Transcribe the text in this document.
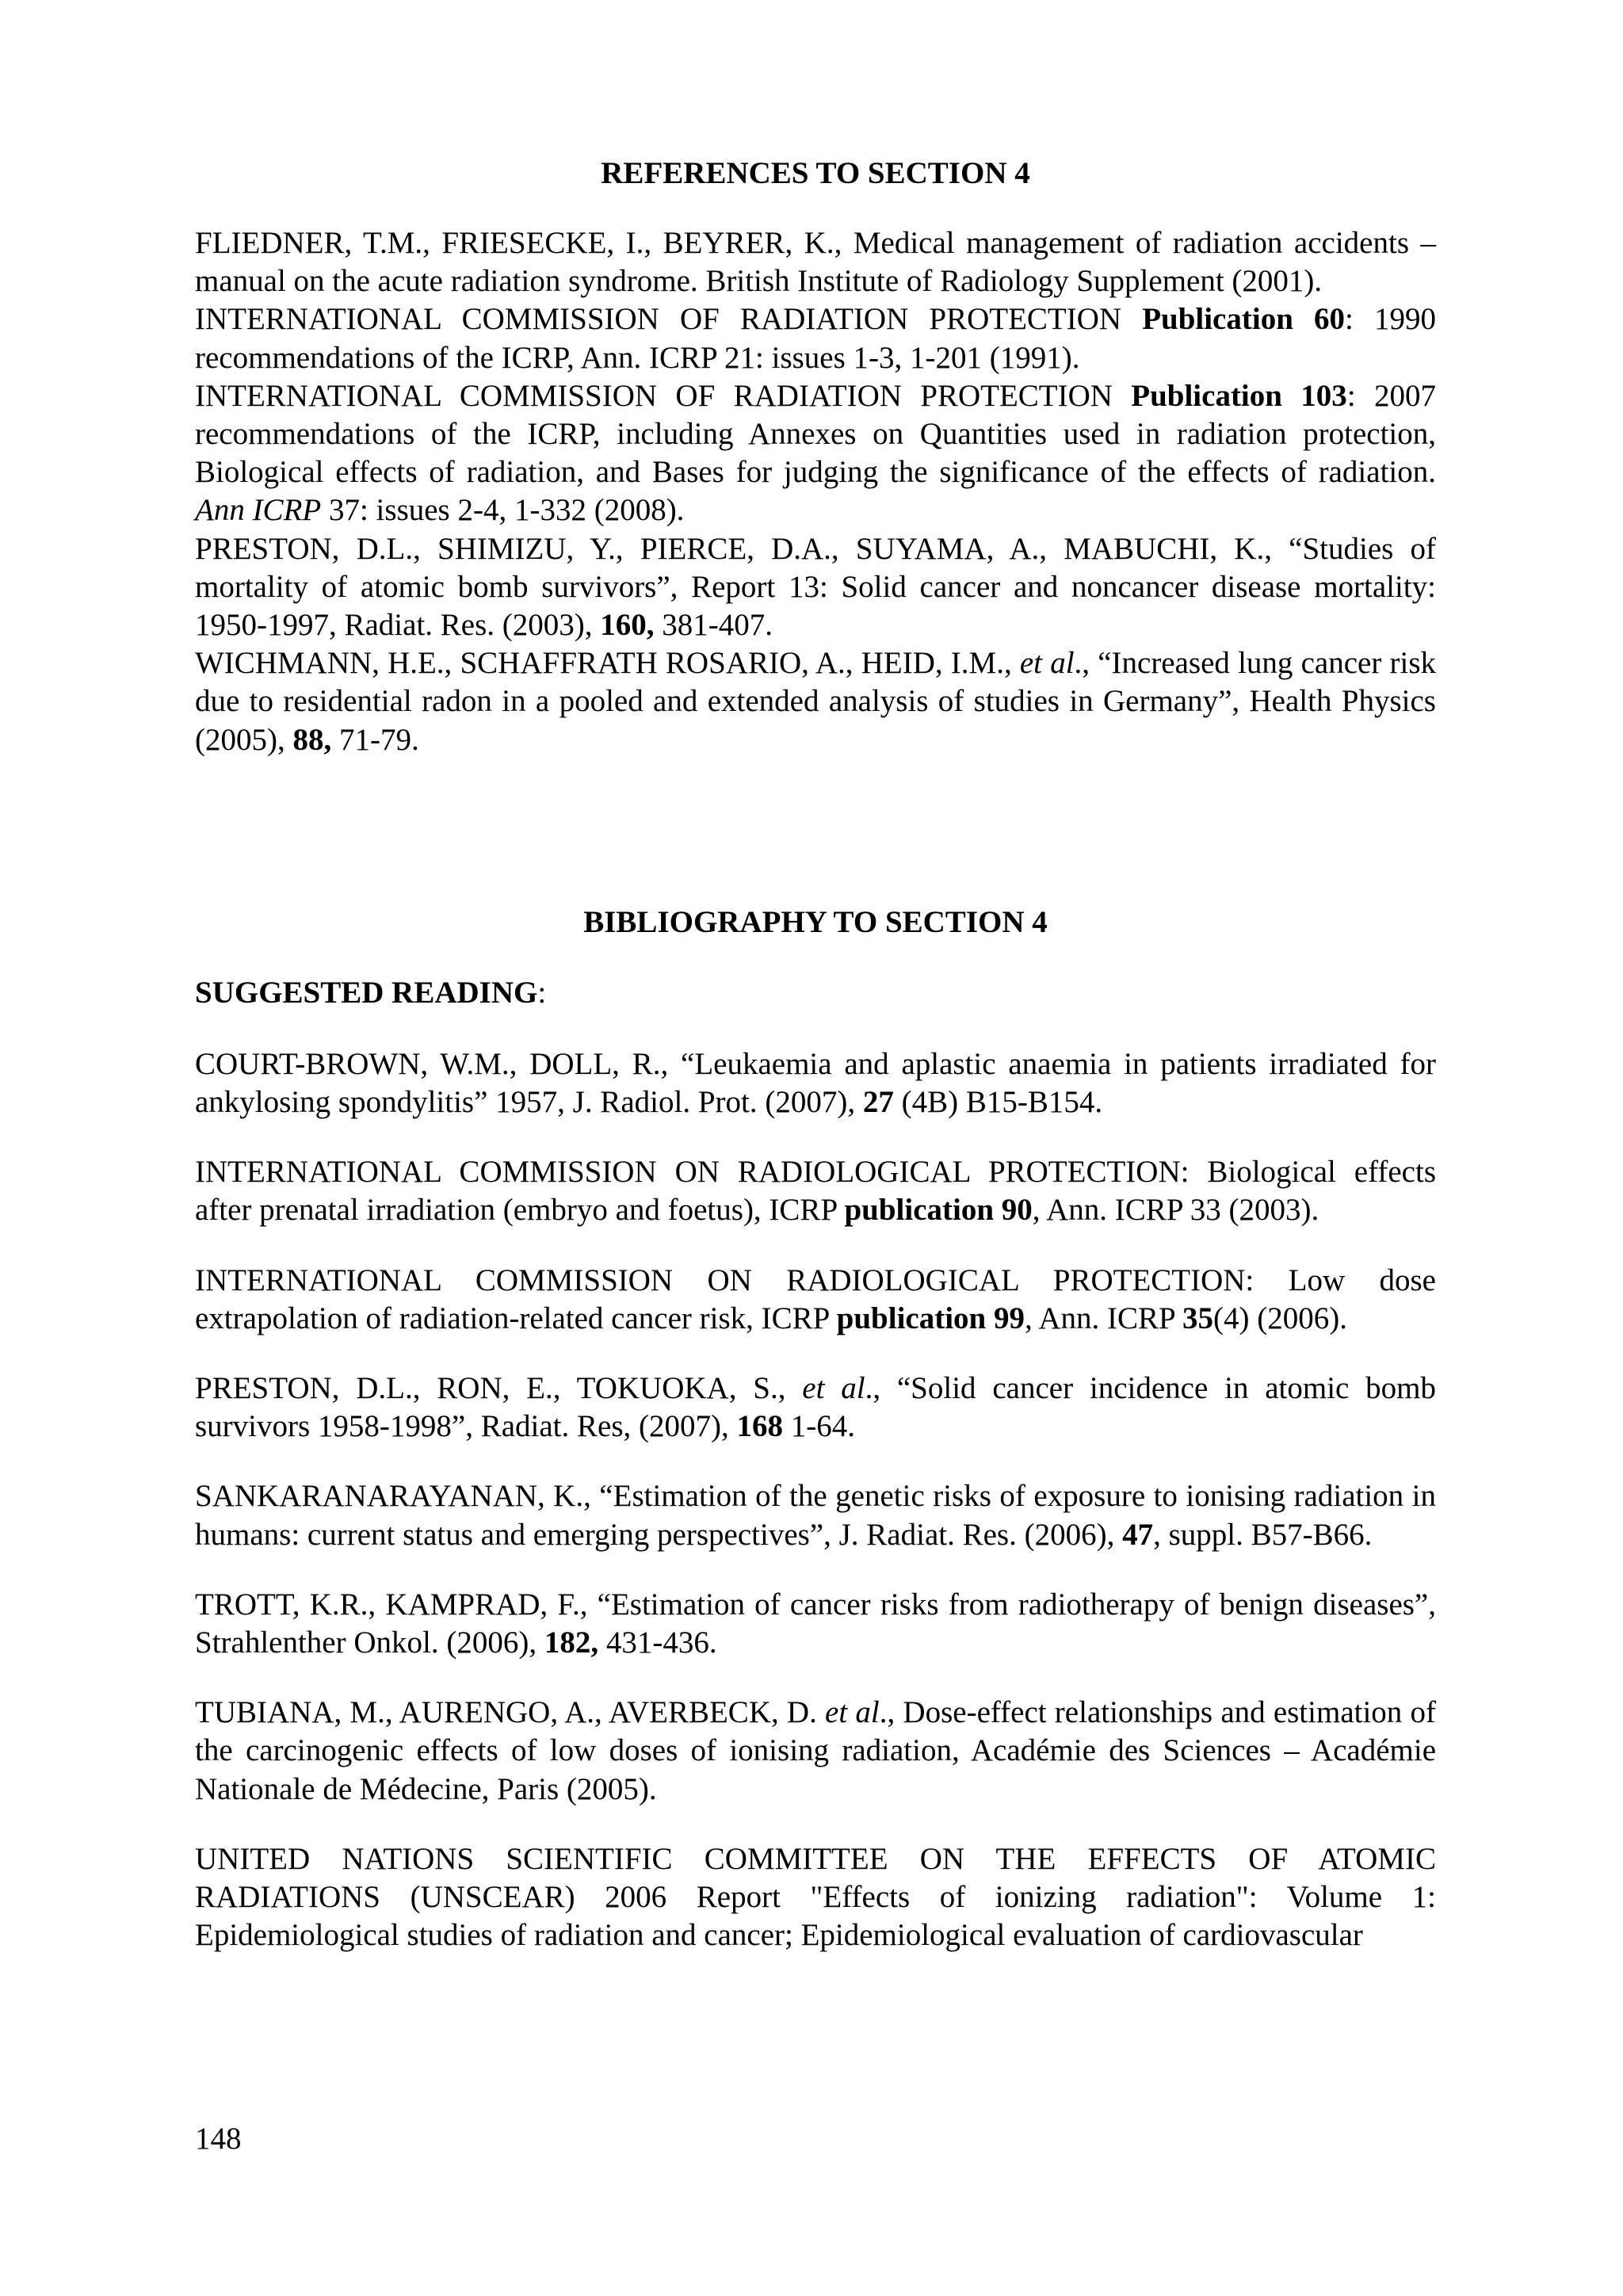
REFERENCES TO SECTION 4

FLIEDNER, T.M., FRIESECKE, I., BEYRER, K., Medical management of radiation accidents – manual on the acute radiation syndrome. British Institute of Radiology Supplement (2001).

INTERNATIONAL COMMISSION OF RADIATION PROTECTION Publication 60: 1990 recommendations of the ICRP, Ann. ICRP 21: issues 1-3, 1-201 (1991).

INTERNATIONAL COMMISSION OF RADIATION PROTECTION Publication 103: 2007 recommendations of the ICRP, including Annexes on Quantities used in radiation protection, Biological effects of radiation, and Bases for judging the significance of the effects of radiation. Ann ICRP 37: issues 2-4, 1-332 (2008).

PRESTON, D.L., SHIMIZU, Y., PIERCE, D.A., SUYAMA, A., MABUCHI, K., “Studies of mortality of atomic bomb survivors”, Report 13: Solid cancer and noncancer disease mortality: 1950-1997, Radiat. Res. (2003), 160, 381-407.

WICHMANN, H.E., SCHAFFRATH ROSARIO, A., HEID, I.M., et al., “Increased lung cancer risk due to residential radon in a pooled and extended analysis of studies in Germany”, Health Physics (2005), 88, 71-79.

BIBLIOGRAPHY TO SECTION 4

SUGGESTED READING:

COURT-BROWN, W.M., DOLL, R., “Leukaemia and aplastic anaemia in patients irradiated for ankylosing spondylitis” 1957, J. Radiol. Prot. (2007), 27 (4B) B15-B154.

INTERNATIONAL COMMISSION ON RADIOLOGICAL PROTECTION: Biological effects after prenatal irradiation (embryo and foetus), ICRP publication 90, Ann. ICRP 33 (2003).

INTERNATIONAL COMMISSION ON RADIOLOGICAL PROTECTION: Low dose extrapolation of radiation-related cancer risk, ICRP publication 99, Ann. ICRP 35(4) (2006).

PRESTON, D.L., RON, E., TOKUOKA, S., et al., “Solid cancer incidence in atomic bomb survivors 1958-1998”, Radiat. Res, (2007), 168 1-64.

SANKARANARAYANAN, K., “Estimation of the genetic risks of exposure to ionising radiation in humans: current status and emerging perspectives”, J. Radiat. Res. (2006), 47, suppl. B57-B66.

TROTT, K.R., KAMPRAD, F., “Estimation of cancer risks from radiotherapy of benign diseases”, Strahlenther Onkol. (2006), 182, 431-436.

TUBIANA, M., AURENGO, A., AVERBECK, D. et al., Dose-effect relationships and estimation of the carcinogenic effects of low doses of ionising radiation, Académie des Sciences – Académie Nationale de Médecine, Paris (2005).

UNITED NATIONS SCIENTIFIC COMMITTEE ON THE EFFECTS OF ATOMIC RADIATIONS (UNSCEAR) 2006 Report "Effects of ionizing radiation": Volume 1: Epidemiological studies of radiation and cancer; Epidemiological evaluation of cardiovascular

148
